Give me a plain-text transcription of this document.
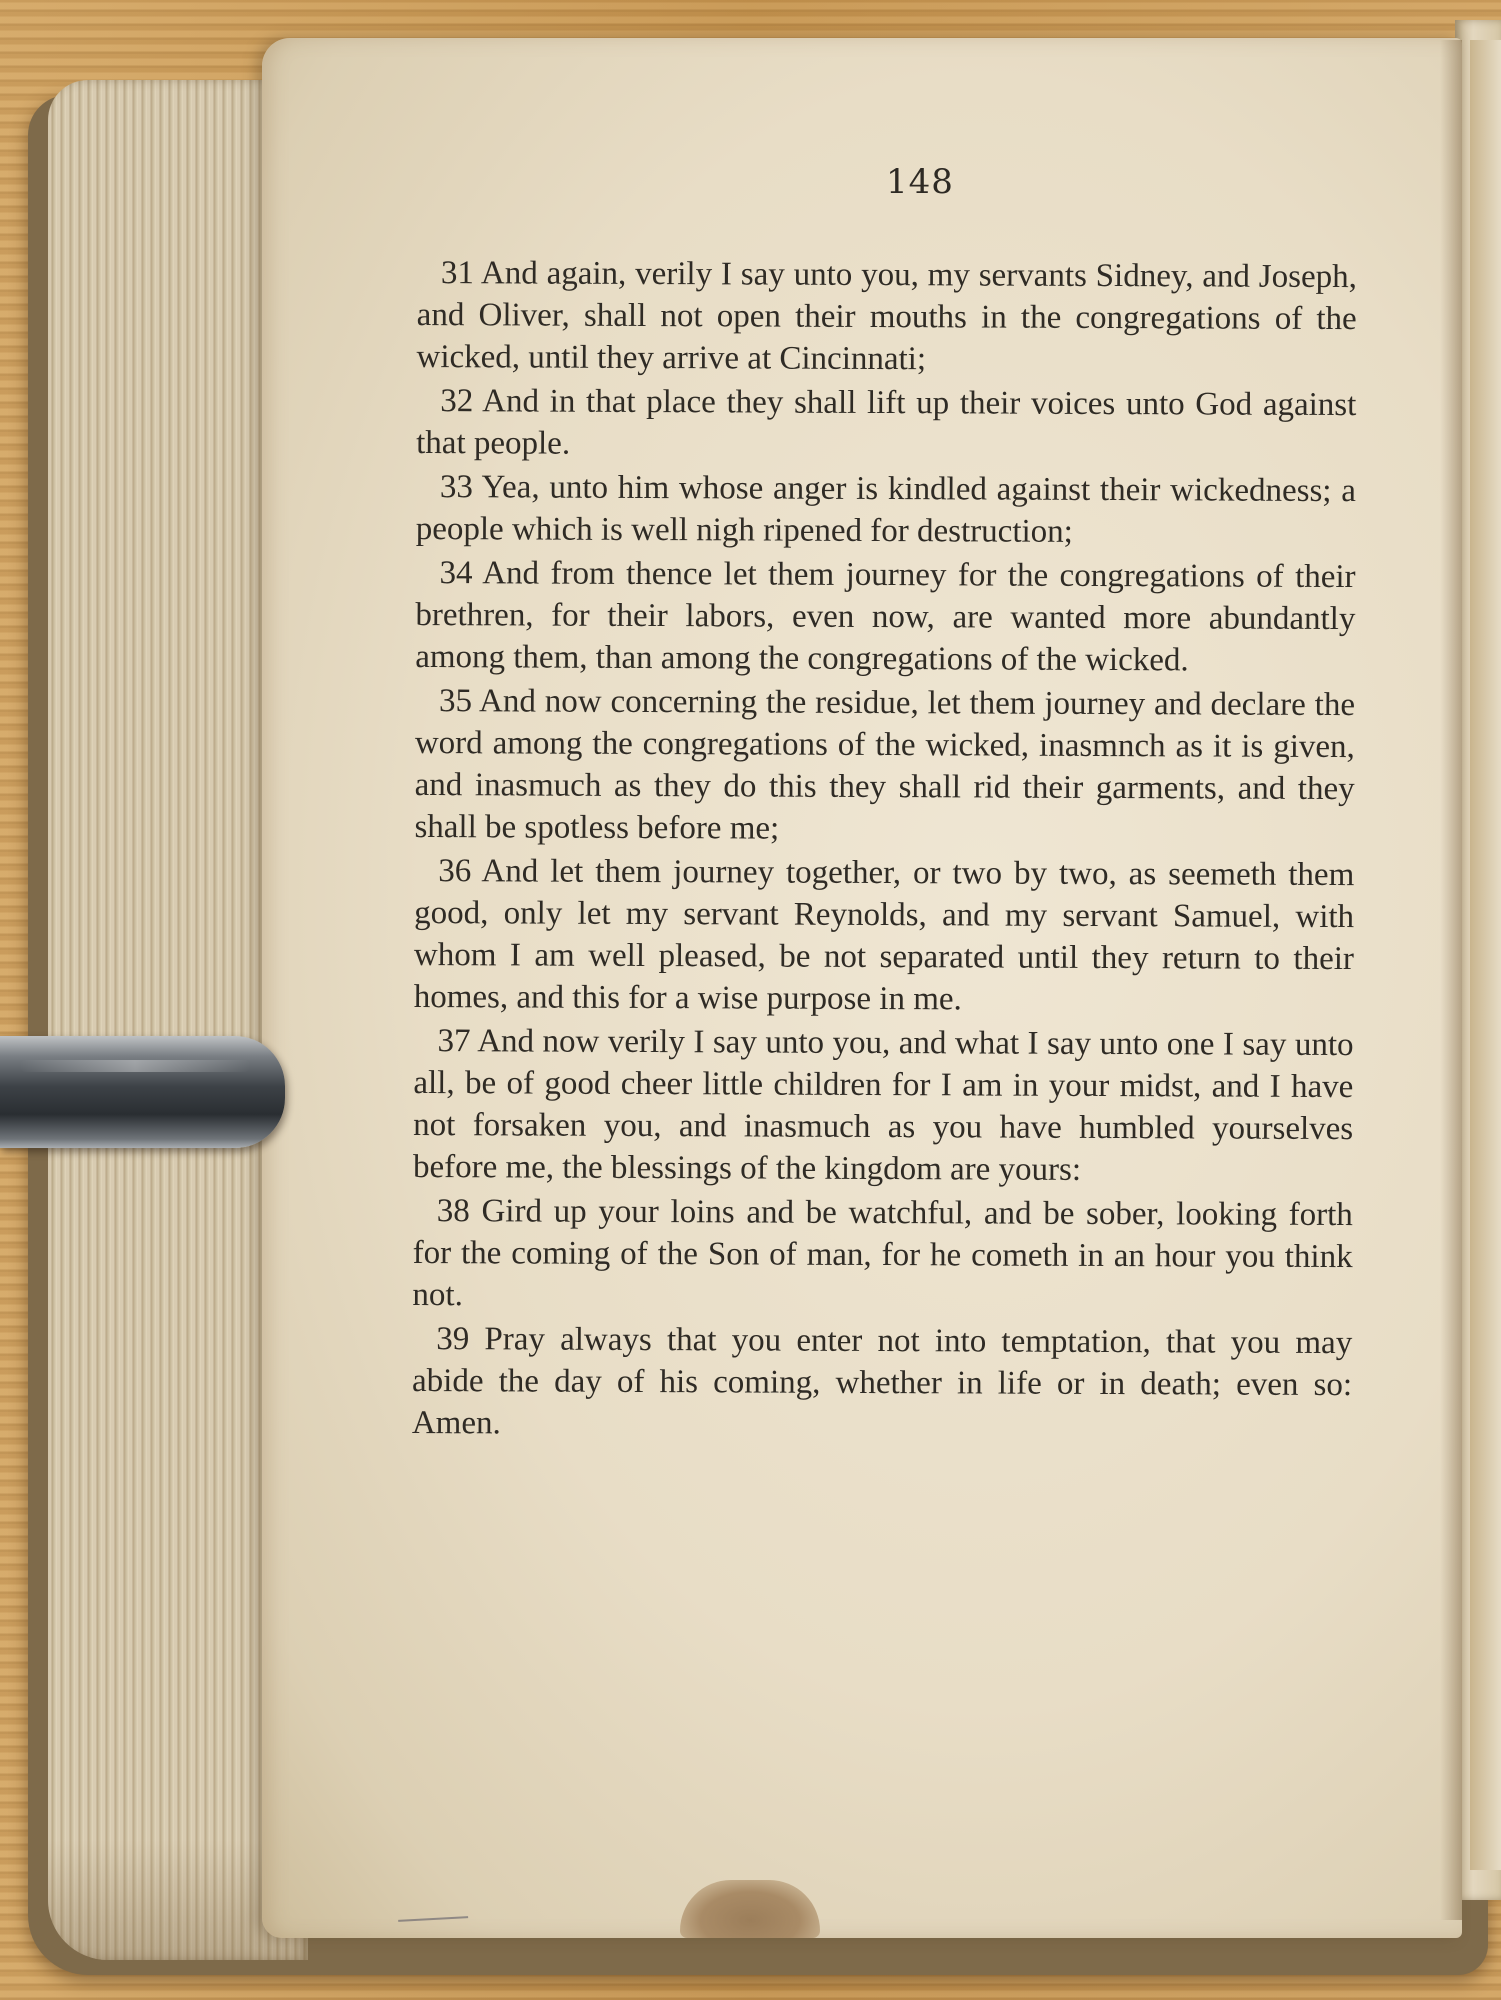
148

31 And again, verily I say unto you, my servants Sidney, and Joseph, and Oliver, shall not open their mouths in the congregations of the wicked, until they arrive at Cincinnati;

32 And in that place they shall lift up their voices unto God against that people.

33 Yea, unto him whose anger is kindled against their wickedness; a people which is well nigh ripened for destruction;

34 And from thence let them journey for the congregations of their brethren, for their labors, even now, are wanted more abundantly among them, than among the congregations of the wicked.

35 And now concerning the residue, let them journey and declare the word among the congregations of the wicked, inasmnch as it is given, and inasmuch as they do this they shall rid their garments, and they shall be spotless before me;

36 And let them journey together, or two by two, as seemeth them good, only let my servant Reynolds, and my servant Samuel, with whom I am well pleased, be not separated until they return to their homes, and this for a wise purpose in me.

37 And now verily I say unto you, and what I say unto one I say unto all, be of good cheer little children for I am in your midst, and I have not forsaken you, and inasmuch as you have humbled yourselves before me, the blessings of the kingdom are yours:

38 Gird up your loins and be watchful, and be sober, looking forth for the coming of the Son of man, for he cometh in an hour you think not.

39 Pray always that you enter not into temptation, that you may abide the day of his coming, whether in life or in death; even so: Amen.
